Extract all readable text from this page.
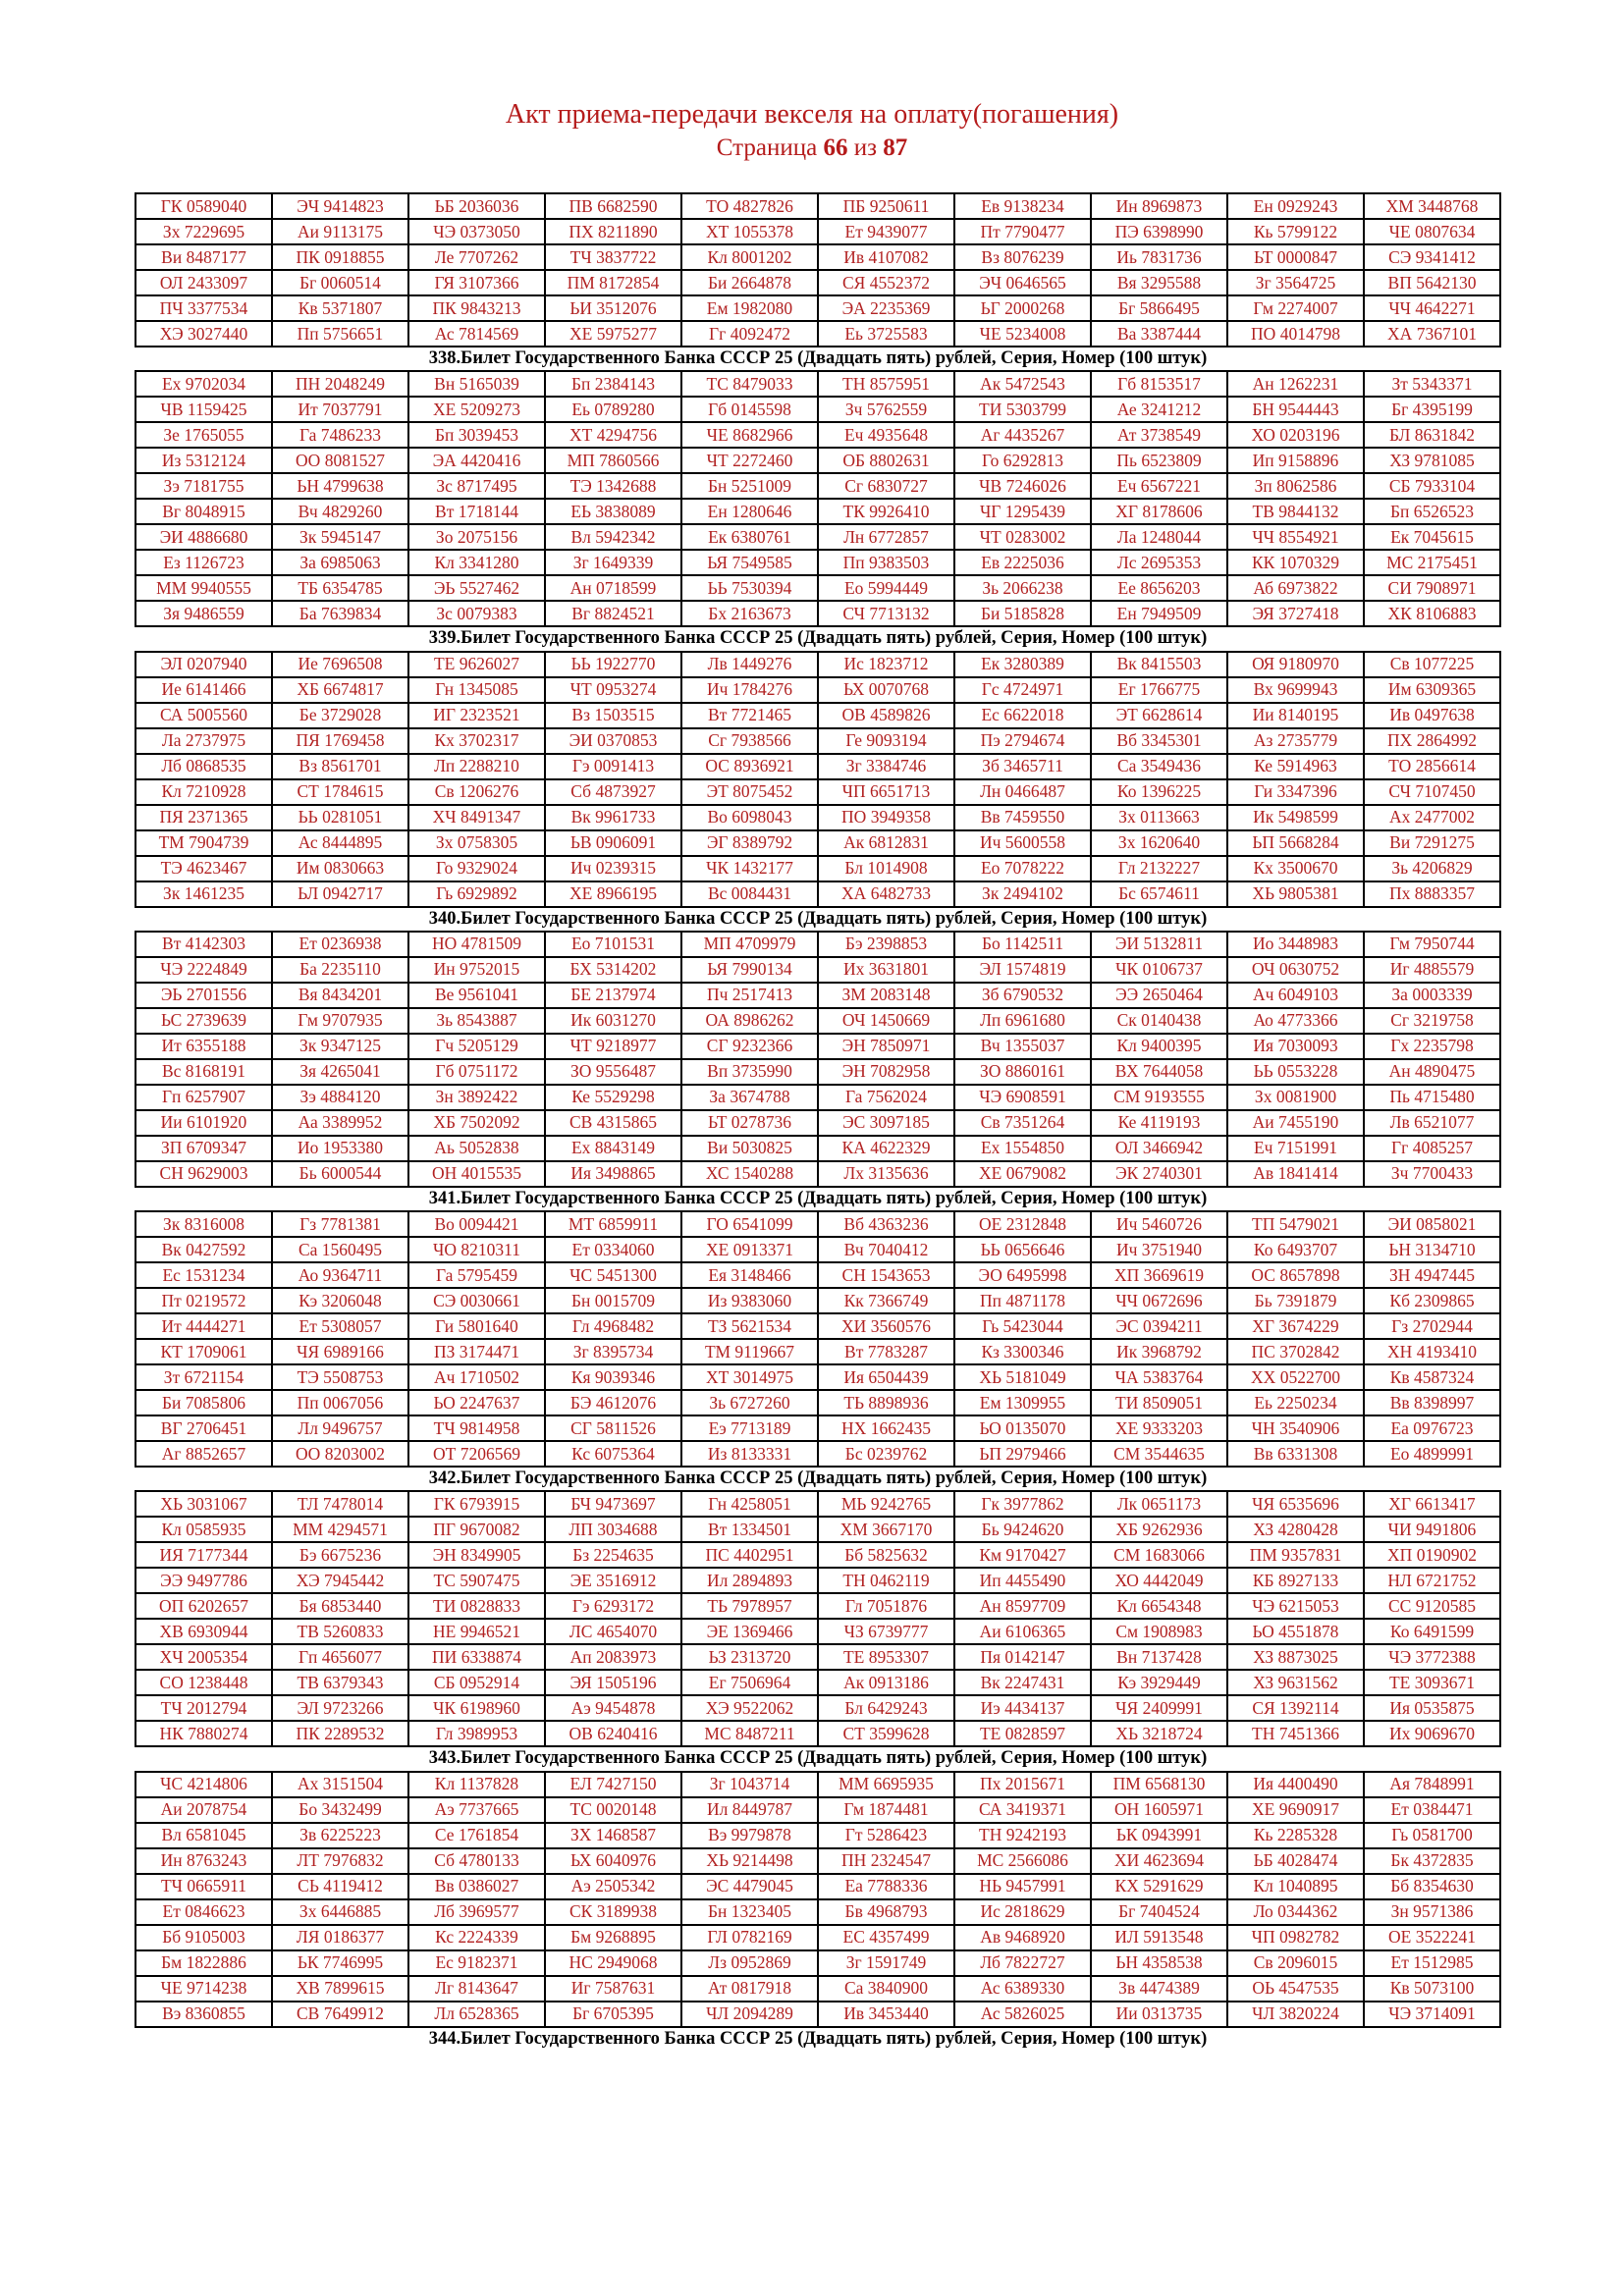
Акт приема-передачи векселя на оплату(погашения)
Страница 66 из 87
ГК 0589040	ЭЧ 9414823	ЬБ 2036036	ПВ 6682590	ТО 4827826	ПБ 9250611	Ев 9138234	Ин 8969873	Ен 0929243	ХМ 3448768
Зх 7229695	Аи 9113175	ЧЭ 0373050	ПХ 8211890	ХТ 1055378	Ет 9439077	Пт 7790477	ПЭ 6398990	Кь 5799122	ЧЕ 0807634
Ви 8487177	ПК 0918855	Ле 7707262	ТЧ 3837722	Кл 8001202	Ив 4107082	Вз 8076239	Иь 7831736	ЬТ 0000847	СЭ 9341412
ОЛ 2433097	Бг 0060514	ГЯ 3107366	ПМ 8172854	Би 2664878	СЯ 4552372	ЭЧ 0646565	Вя 3295588	Зг 3564725	ВП 5642130
ПЧ 3377534	Кв 5371807	ПК 9843213	ЬИ 3512076	Ем 1982080	ЭА 2235369	ЬГ 2000268	Бг 5866495	Гм 2274007	ЧЧ 4642271
ХЭ 3027440	Пп 5756651	Ас 7814569	ХЕ 5975277	Гг 4092472	Еь 3725583	ЧЕ 5234008	Ва 3387444	ПО 4014798	ХА 7367101
338.Билет Государственного Банка СССР 25 (Двадцать пять) рублей, Серия, Номер (100 штук)
Ех 9702034	ПН 2048249	Вн 5165039	Бп 2384143	ТС 8479033	ТН 8575951	Ак 5472543	Гб 8153517	Ан 1262231	Зт 5343371
ЧВ 1159425	Ит 7037791	ХЕ 5209273	Еь 0789280	Гб 0145598	Зч 5762559	ТИ 5303799	Ае 3241212	БН 9544443	Бг 4395199
Зе 1765055	Га 7486233	Бп 3039453	ХТ 4294756	ЧЕ 8682966	Еч 4935648	Аг 4435267	Ат 3738549	ХО 0203196	БЛ 8631842
Из 5312124	ОО 8081527	ЭА 4420416	МП 7860566	ЧТ 2272460	ОБ 8802631	Го 6292813	Пь 6523809	Ип 9158896	ХЗ 9781085
Зэ 7181755	ЬН 4799638	Зс 8717495	ТЭ 1342688	Бн 5251009	Сг 6830727	ЧВ 7246026	Еч 6567221	Зп 8062586	СБ 7933104
Вг 8048915	Вч 4829260	Вт 1718144	ЕЬ 3838089	Ен 1280646	ТК 9926410	ЧГ 1295439	ХГ 8178606	ТВ 9844132	Бп 6526523
ЭИ 4886680	Зк 5945147	Зо 2075156	Вл 5942342	Ек 6380761	Лн 6772857	ЧТ 0283002	Ла 1248044	ЧЧ 8554921	Ек 7045615
Ез 1126723	За 6985063	Кл 3341280	Зг 1649339	ЬЯ 7549585	Пп 9383503	Ев 2225036	Лс 2695353	КК 1070329	МС 2175451
ММ 9940555	ТБ 6354785	ЭЬ 5527462	Ан 0718599	ЬЬ 7530394	Ео 5994449	Зь 2066238	Ее 8656203	Аб 6973822	СИ 7908971
Зя 9486559	Ба 7639834	Зс 0079383	Вг 8824521	Бх 2163673	СЧ 7713132	Би 5185828	Ен 7949509	ЭЯ 3727418	ХК 8106883
339.Билет Государственного Банка СССР 25 (Двадцать пять) рублей, Серия, Номер (100 штук)
ЭЛ 0207940	Ие 7696508	ТЕ 9626027	ЬЬ 1922770	Лв 1449276	Ис 1823712	Ек 3280389	Вк 8415503	ОЯ 9180970	Св 1077225
Ие 6141466	ХБ 6674817	Гн 1345085	ЧТ 0953274	Ич 1784276	ЬХ 0070768	Гс 4724971	Ег 1766775	Вх 9699943	Им 6309365
СА 5005560	Бе 3729028	ИГ 2323521	Вз 1503515	Вт 7721465	ОВ 4589826	Ес 6622018	ЭТ 6628614	Ии 8140195	Ив 0497638
Ла 2737975	ПЯ 1769458	Кх 3702317	ЭИ 0370853	Сг 7938566	Ге 9093194	Пэ 2794674	Вб 3345301	Аз 2735779	ПХ 2864992
Лб 0868535	Вз 8561701	Лп 2288210	Гэ 0091413	ОС 8936921	Зг 3384746	Зб 3465711	Са 3549436	Ке 5914963	ТО 2856614
Кл 7210928	СТ 1784615	Св 1206276	Сб 4873927	ЭТ 8075452	ЧП 6651713	Лн 0466487	Ко 1396225	Ги 3347396	СЧ 7107450
ПЯ 2371365	ЬЬ 0281051	ХЧ 8491347	Вк 9961733	Во 6098043	ПО 3949358	Вв 7459550	Зх 0113663	Ик 5498599	Ах 2477002
ТМ 7904739	Ас 8444895	Зх 0758305	ЬВ 0906091	ЭГ 8389792	Ак 6812831	Ич 5600558	Зх 1620640	ЬП 5668284	Ви 7291275
ТЭ 4623467	Им 0830663	Го 9329024	Ич 0239315	ЧК 1432177	Бл 1014908	Ео 7078222	Гл 2132227	Кх 3500670	Зь 4206829
Зк 1461235	ЬЛ 0942717	Гь 6929892	ХЕ 8966195	Вс 0084431	ХА 6482733	Зк 2494102	Бс 6574611	ХЬ 9805381	Пх 8883357
340.Билет Государственного Банка СССР 25 (Двадцать пять) рублей, Серия, Номер (100 штук)
Вт 4142303	Ет 0236938	НО 4781509	Ео 7101531	МП 4709979	Бэ 2398853	Бо 1142511	ЭИ 5132811	Ио 3448983	Гм 7950744
ЧЭ 2224849	Ба 2235110	Ин 9752015	БХ 5314202	ЬЯ 7990134	Их 3631801	ЭЛ 1574819	ЧК 0106737	ОЧ 0630752	Иг 4885579
ЭЬ 2701556	Вя 8434201	Ве 9561041	БЕ 2137974	Пч 2517413	ЗМ 2083148	Зб 6790532	ЭЭ 2650464	Ач 6049103	За 0003339
ЬС 2739639	Гм 9707935	Зь 8543887	Ик 6031270	ОА 8986262	ОЧ 1450669	Лп 6961680	Ск 0140438	Ао 4773366	Сг 3219758
Ит 6355188	Зк 9347125	Гч 5205129	ЧТ 9218977	СГ 9232366	ЭН 7850971	Вч 1355037	Кл 9400395	Ия 7030093	Гх 2235798
Вс 8168191	Зя 4265041	Гб 0751172	ЗО 9556487	Вп 3735990	ЭН 7082958	ЗО 8860161	ВХ 7644058	ЬЬ 0553228	Ан 4890475
Гп 6257907	Зэ 4884120	Зн 3892422	Ке 5529298	За 3674788	Га 7562024	ЧЭ 6908591	СМ 9193555	Зх 0081900	Пь 4715480
Ии 6101920	Аа 3389952	ХБ 7502092	СВ 4315865	ЬТ 0278736	ЭС 3097185	Св 7351264	Ке 4119193	Аи 7455190	Лв 6521077
ЗП 6709347	Ио 1953380	Аь 5052838	Ех 8843149	Ви 5030825	КА 4622329	Ех 1554850	ОЛ 3466942	Еч 7151991	Гг 4085257
СН 9629003	Бь 6000544	ОН 4015535	Ия 3498865	ХС 1540288	Лх 3135636	ХЕ 0679082	ЭК 2740301	Ав 1841414	Зч 7700433
341.Билет Государственного Банка СССР 25 (Двадцать пять) рублей, Серия, Номер (100 штук)
Зк 8316008	Гз 7781381	Во 0094421	МТ 6859911	ГО 6541099	Вб 4363236	ОЕ 2312848	Ич 5460726	ТП 5479021	ЭИ 0858021
Вк 0427592	Са 1560495	ЧО 8210311	Ет 0334060	ХЕ 0913371	Вч 7040412	ЬЬ 0656646	Ич 3751940	Ко 6493707	ЬН 3134710
Ес 1531234	Ао 9364711	Га 5795459	ЧС 5451300	Ея 3148466	СН 1543653	ЭО 6495998	ХП 3669619	ОС 8657898	ЗН 4947445
Пт 0219572	Кэ 3206048	СЭ 0030661	Бн 0015709	Из 9383060	Кк 7366749	Пп 4871178	ЧЧ 0672696	Бь 7391879	Кб 2309865
Ит 4444271	Ет 5308057	Ги 5801640	Гл 4968482	ТЗ 5621534	ХИ 3560576	Гь 5423044	ЭС 0394211	ХГ 3674229	Гз 2702944
КТ 1709061	ЧЯ 6989166	ПЗ 3174471	Зг 8395734	ТМ 9119667	Вт 7783287	Кз 3300346	Ик 3968792	ПС 3702842	ХН 4193410
Зт 6721154	ТЭ 5508753	Ач 1710502	Кя 9039346	ХТ 3014975	Ия 6504439	ХЬ 5181049	ЧА 5383764	ХХ 0522700	Кв 4587324
Би 7085806	Пп 0067056	ЬО 2247637	БЭ 4612076	Зь 6727260	ТЬ 8898936	Ем 1309955	ТИ 8509051	Еь 2250234	Вв 8398997
ВГ 2706451	Лл 9496757	ТЧ 9814958	СГ 5811526	Еэ 7713189	НХ 1662435	ЬО 0135070	ХЕ 9333203	ЧН 3540906	Еа 0976723
Аг 8852657	ОО 8203002	ОТ 7206569	Кс 6075364	Из 8133331	Бс 0239762	ЬП 2979466	СМ 3544635	Вв 6331308	Ео 4899991
342.Билет Государственного Банка СССР 25 (Двадцать пять) рублей, Серия, Номер (100 штук)
ХЬ 3031067	ТЛ 7478014	ГК 6793915	БЧ 9473697	Гн 4258051	МЬ 9242765	Гк 3977862	Лк 0651173	ЧЯ 6535696	ХГ 6613417
Кл 0585935	ММ 4294571	ПГ 9670082	ЛП 3034688	Вт 1334501	ХМ 3667170	Бь 9424620	ХБ 9262936	ХЗ 4280428	ЧИ 9491806
ИЯ 7177344	Бэ 6675236	ЭН 8349905	Бз 2254635	ПС 4402951	Бб 5825632	Км 9170427	СМ 1683066	ПМ 9357831	ХП 0190902
ЭЭ 9497786	ХЭ 7945442	ТС 5907475	ЭЕ 3516912	Ил 2894893	ТН 0462119	Ип 4455490	ХО 4442049	КБ 8927133	НЛ 6721752
ОП 6202657	Бя 6853440	ТИ 0828833	Гэ 6293172	ТЬ 7978957	Гл 7051876	Ан 8597709	Кл 6654348	ЧЭ 6215053	СС 9120585
ХВ 6930944	ТВ 5260833	НЕ 9946521	ЛС 4654070	ЭЕ 1369466	ЧЗ 6739777	Аи 6106365	См 1908983	ЬО 4551878	Ко 6491599
ХЧ 2005354	Гп 4656077	ПИ 6338874	Ап 2083973	ЬЗ 2313720	ТЕ 8953307	Пя 0142147	Вн 7137428	ХЗ 8873025	ЧЭ 3772388
СО 1238448	ТВ 6379343	СБ 0952914	ЭЯ 1505196	Ег 7506964	Ак 0913186	Вк 2247431	Кэ 3929449	ХЗ 9631562	ТЕ 3093671
ТЧ 2012794	ЭЛ 9723266	ЧК 6198960	Аэ 9454878	ХЭ 9522062	Бл 6429243	Иэ 4434137	ЧЯ 2409991	СЯ 1392114	Ия 0535875
НК 7880274	ПК 2289532	Гл 3989953	ОВ 6240416	МС 8487211	СТ 3599628	ТЕ 0828597	ХЬ 3218724	ТН 7451366	Их 9069670
343.Билет Государственного Банка СССР 25 (Двадцать пять) рублей, Серия, Номер (100 штук)
ЧС 4214806	Ах 3151504	Кл 1137828	ЕЛ 7427150	Зг 1043714	ММ 6695935	Пх 2015671	ПМ 6568130	Ия 4400490	Ая 7848991
Аи 2078754	Бо 3432499	Аэ 7737665	ТС 0020148	Ил 8449787	Гм 1874481	СА 3419371	ОН 1605971	ХЕ 9690917	Ет 0384471
Вл 6581045	Зв 6225223	Се 1761854	ЗХ 1468587	Вэ 9979878	Гт 5286423	ТН 9242193	ЬК 0943991	Кь 2285328	Гь 0581700
Ин 8763243	ЛТ 7976832	Сб 4780133	ЬХ 6040976	ХЬ 9214498	ПН 2324547	МС 2566086	ХИ 4623694	ЬБ 4028474	Бк 4372835
ТЧ 0665911	СЬ 4119412	Вв 0386027	Аэ 2505342	ЭС 4479045	Еа 7788336	НЬ 9457991	КХ 5291629	Кл 1040895	Бб 8354630
Ет 0846623	Зх 6446885	Лб 3969577	СК 3189938	Бн 1323405	Бв 4968793	Ис 2818629	Бг 7404524	Ло 0344362	Зн 9571386
Бб 9105003	ЛЯ 0186377	Кс 2224339	Бм 9268895	ГЛ 0782169	ЕС 4357499	Ав 9468920	ИЛ 5913548	ЧП 0982782	ОЕ 3522241
Бм 1822886	ЬК 7746995	Ес 9182371	НС 2949068	Лз 0952869	Зг 1591749	Лб 7822727	ЬН 4358538	Св 2096015	Ет 1512985
ЧЕ 9714238	ХВ 7899615	Лг 8143647	Иг 7587631	Ат 0817918	Са 3840900	Ас 6389330	Зв 4474389	ОЬ 4547535	Кв 5073100
Вэ 8360855	СВ 7649912	Лл 6528365	Бг 6705395	ЧЛ 2094289	Ив 3453440	Ас 5826025	Ии 0313735	ЧЛ 3820224	ЧЭ 3714091
344.Билет Государственного Банка СССР 25 (Двадцать пять) рублей, Серия, Номер (100 штук)
